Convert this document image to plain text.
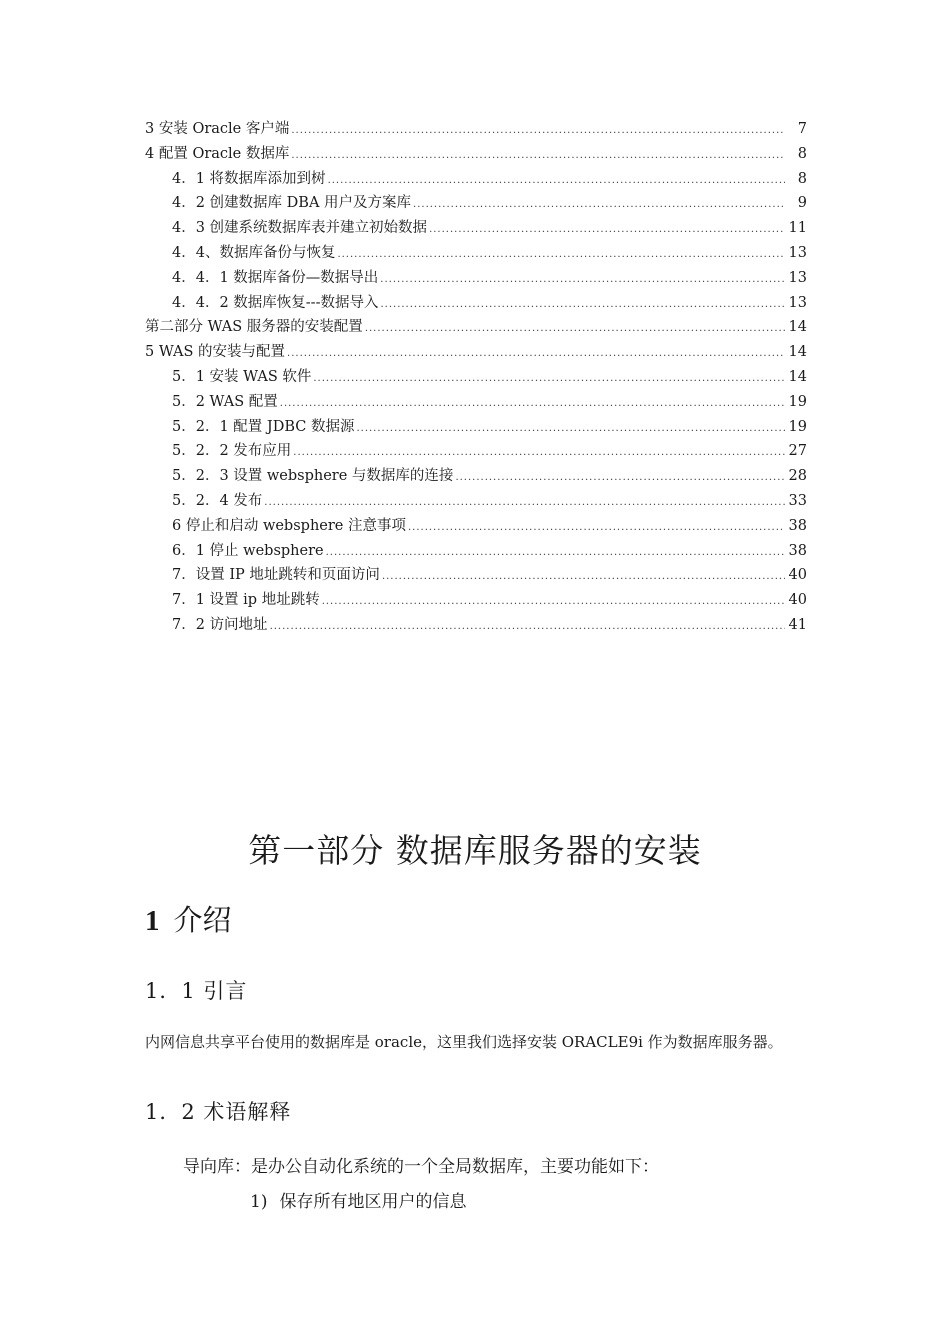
3 安装 Oracle 客户端 .....	7
4 配置 Oracle 数据库 .....	8
4．1 将数据库添加到树 .....	8
4．2 创建数据库 DBA 用户及方案库 .....	9
4．3 创建系统数据库表并建立初始数据 .....	11
4．4、数据库备份与恢复 .....	13
4．4．1 数据库备份—数据导出 .....	13
4．4．2 数据库恢复---数据导入 .....	13
第二部分 WAS 服务器的安装配置 .....	14
5 WAS 的安装与配置 .....	14
5．1 安装 WAS 软件 .....	14
5．2 WAS 配置 .....	19
5．2．1 配置 JDBC 数据源 .....	19
5．2．2 发布应用 .....	27
5．2．3 设置 websphere 与数据库的连接 .....	28
5．2．4 发布 .....	33
6 停止和启动 websphere 注意事项 .....	38
6．1 停止 websphere .....	38
7．设置 IP 地址跳转和页面访问 .....	40
7．1 设置 ip 地址跳转 .....	40
7．2 访问地址 .....	41
第一部分 数据库服务器的安装
1 介绍
1．1 引言
内网信息共享平台使用的数据库是 oracle，这里我们选择安装 ORACLE9i 作为数据库服务器。
1．2 术语解释
导向库：是办公自动化系统的一个全局数据库，主要功能如下：
1) 保存所有地区用户的信息
